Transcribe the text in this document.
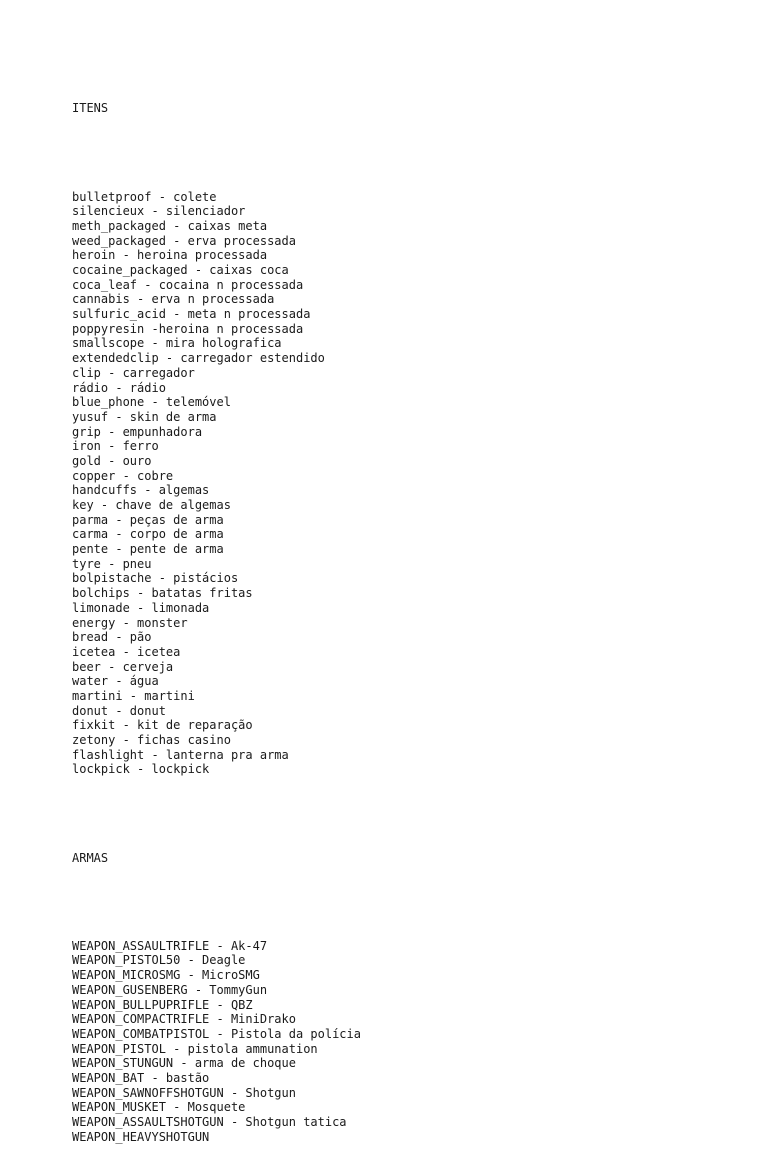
ITENS

bulletproof - colete
silencieux - silenciador
meth_packaged - caixas meta
weed_packaged - erva processada
heroin - heroina processada
cocaine_packaged - caixas coca
coca_leaf - cocaina n processada
cannabis - erva n processada
sulfuric_acid - meta n processada
poppyresin -heroina n processada
smallscope - mira holografica
extendedclip - carregador estendido
clip - carregador
rádio - rádio
blue_phone - telemóvel
yusuf - skin de arma
grip - empunhadora
iron - ferro
gold - ouro
copper - cobre
handcuffs - algemas
key - chave de algemas
parma - peças de arma
carma - corpo de arma
pente - pente de arma
tyre - pneu
bolpistache - pistácios
bolchips - batatas fritas
limonade - limonada
energy - monster
bread - pão
icetea - icetea
beer - cerveja
water - água
martini - martini
donut - donut
fixkit - kit de reparação
zetony - fichas casino
flashlight - lanterna pra arma
lockpick - lockpick

ARMAS

WEAPON_ASSAULTRIFLE - Ak-47
WEAPON_PISTOL50 - Deagle
WEAPON_MICROSMG - MicroSMG
WEAPON_GUSENBERG - TommyGun
WEAPON_BULLPUPRIFLE - QBZ
WEAPON_COMPACTRIFLE - MiniDrako
WEAPON_COMBATPISTOL - Pistola da polícia
WEAPON_PISTOL - pistola ammunation
WEAPON_STUNGUN - arma de choque
WEAPON_BAT - bastão
WEAPON_SAWNOFFSHOTGUN - Shotgun
WEAPON_MUSKET - Mosquete
WEAPON_ASSAULTSHOTGUN - Shotgun tatica
WEAPON_HEAVYSHOTGUN
